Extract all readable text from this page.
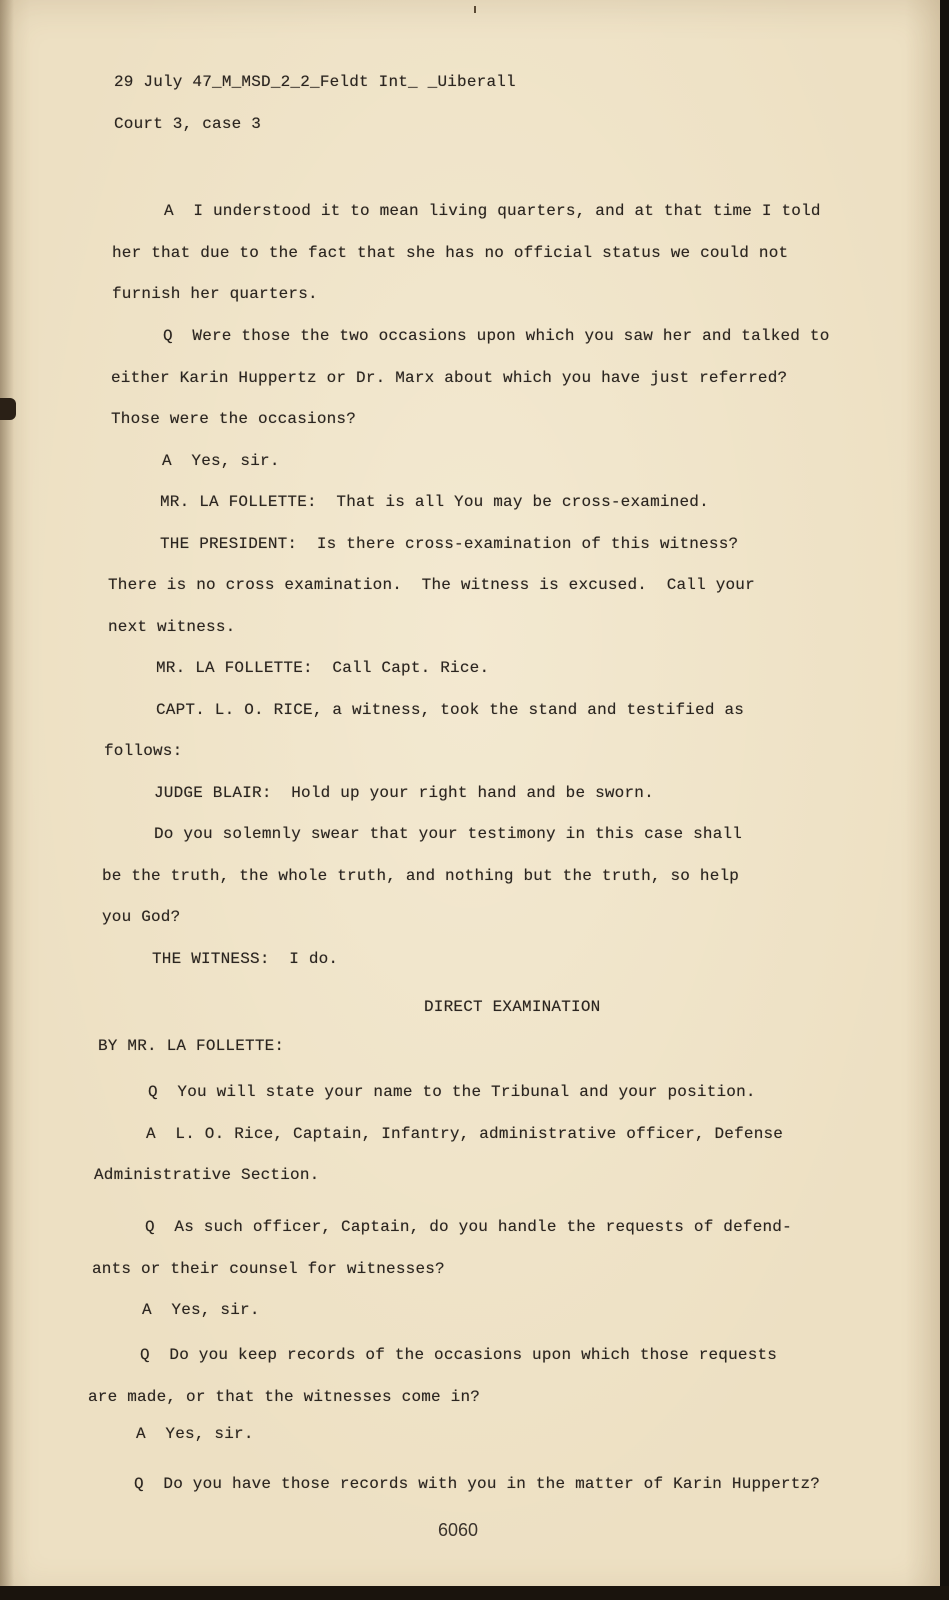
29 July 47_M_MSD_2_2_Feldt Int_ _Uiberall

Court 3, case 3

A  I understood it to mean living quarters, and at that time I told

her that due to the fact that she has no official status we could not

furnish her quarters.

Q  Were those the two occasions upon which you saw her and talked to

either Karin Huppertz or Dr. Marx about which you have just referred?

Those were the occasions?

A  Yes, sir.

MR. LA FOLLETTE:  That is all You may be cross-examined.

THE PRESIDENT:  Is there cross-examination of this witness?

There is no cross examination.  The witness is excused.  Call your

next witness.

MR. LA FOLLETTE:  Call Capt. Rice.

CAPT. L. O. RICE, a witness, took the stand and testified as

follows:

JUDGE BLAIR:  Hold up your right hand and be sworn.

Do you solemnly swear that your testimony in this case shall

be the truth, the whole truth, and nothing but the truth, so help

you God?

THE WITNESS:  I do.

DIRECT EXAMINATION

BY MR. LA FOLLETTE:

Q  You will state your name to the Tribunal and your position.

A  L. O. Rice, Captain, Infantry, administrative officer, Defense

Administrative Section.

Q  As such officer, Captain, do you handle the requests of defend-

ants or their counsel for witnesses?

A  Yes, sir.

Q  Do you keep records of the occasions upon which those requests

are made, or that the witnesses come in?

A  Yes, sir.

Q  Do you have those records with you in the matter of Karin Huppertz?

6060
